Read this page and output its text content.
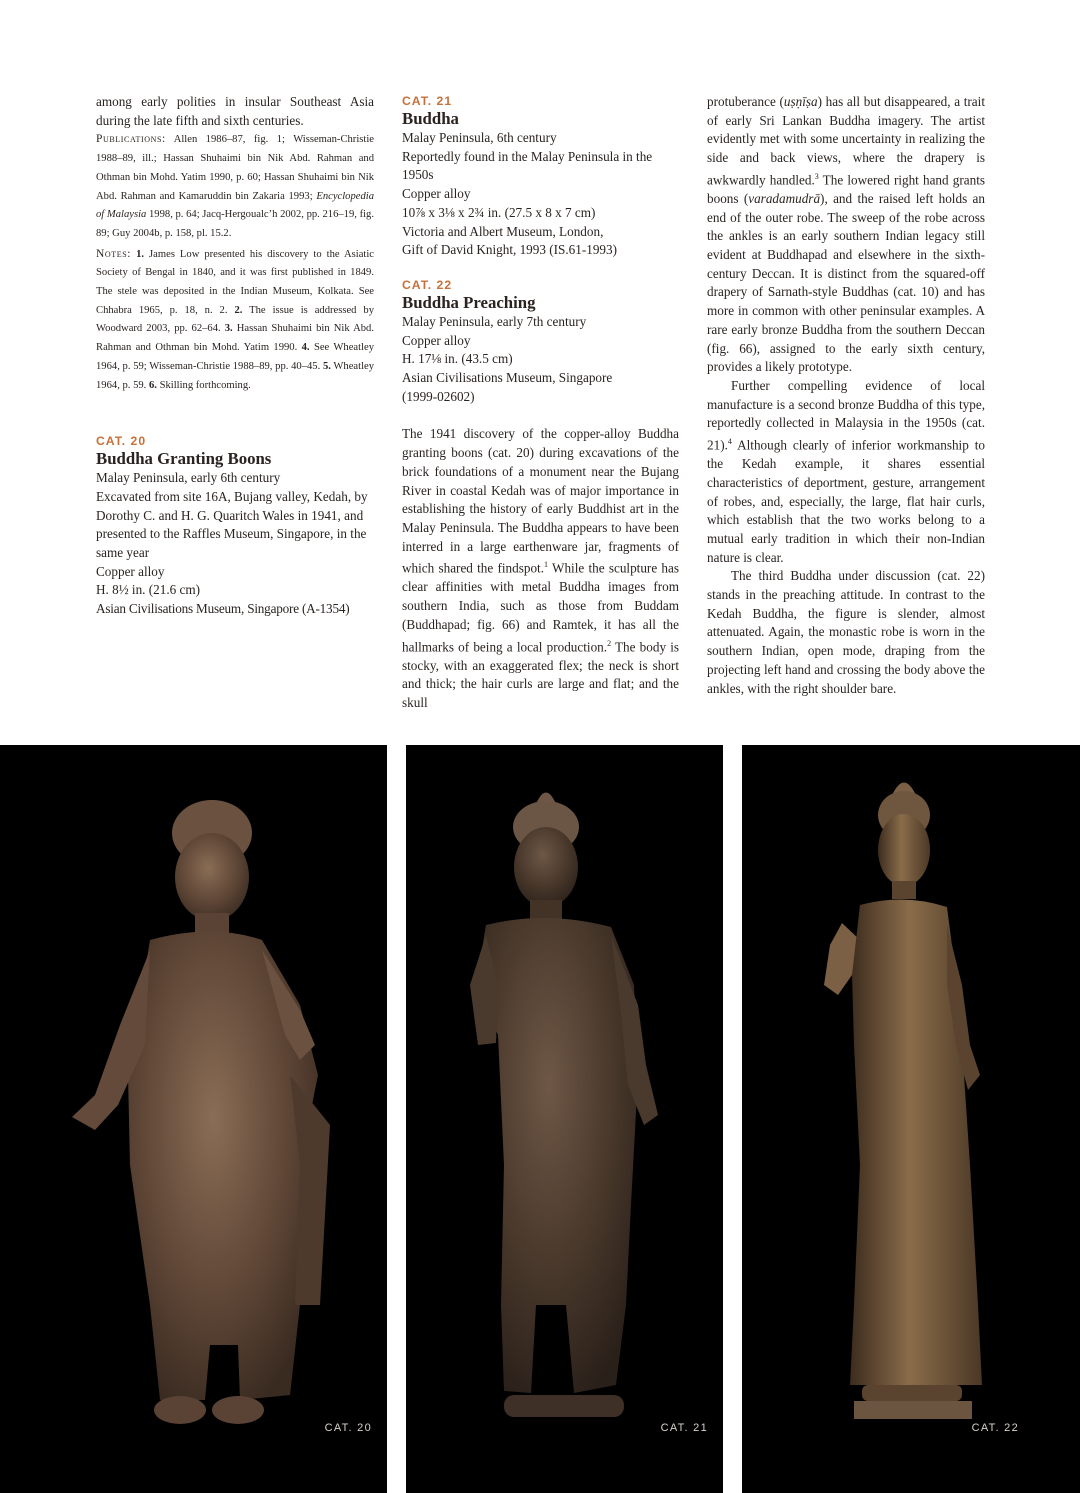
among early polities in insular Southeast Asia during the late fifth and sixth centuries.

Publications: Allen 1986–87, fig. 1; Wisseman-Christie 1988–89, ill.; Hassan Shuhaimi bin Nik Abd. Rahman and Othman bin Mohd. Yatim 1990, p. 60; Hassan Shuhaimi bin Nik Abd. Rahman and Kamaruddin bin Zakaria 1993; Encyclopedia of Malaysia 1998, p. 64; Jacq-Hergoualc’h 2002, pp. 216–19, fig. 89; Guy 2004b, p. 158, pl. 15.2.

Notes: 1. James Low presented his discovery to the Asiatic Society of Bengal in 1840, and it was first published in 1849. The stele was deposited in the Indian Museum, Kolkata. See Chhabra 1965, p. 18, n. 2. 2. The issue is addressed by Woodward 2003, pp. 62–64. 3. Hassan Shuhaimi bin Nik Abd. Rahman and Othman bin Mohd. Yatim 1990. 4. See Wheatley 1964, p. 59; Wisseman-Christie 1988–89, pp. 40–45. 5. Wheatley 1964, p. 59. 6. Skilling forthcoming.

CAT. 20

Buddha Granting Boons

Malay Peninsula, early 6th century

Excavated from site 16A, Bujang valley, Kedah, by Dorothy C. and H. G. Quaritch Wales in 1941, and presented to the Raffles Museum, Singapore, in the same year

Copper alloy

H. 8½ in. (21.6 cm)

Asian Civilisations Museum, Singapore (A-1354)

CAT. 21

Buddha

Malay Peninsula, 6th century

Reportedly found in the Malay Peninsula in the 1950s

Copper alloy

10⅞ x 3⅛ x 2¾ in. (27.5 x 8 x 7 cm)

Victoria and Albert Museum, London,

Gift of David Knight, 1993 (IS.61-1993)

CAT. 22

Buddha Preaching

Malay Peninsula, early 7th century

Copper alloy

H. 17⅛ in. (43.5 cm)

Asian Civilisations Museum, Singapore

(1999-02602)

The 1941 discovery of the copper-alloy Buddha granting boons (cat. 20) during excavations of the brick foundations of a monument near the Bujang River in coastal Kedah was of major importance in establishing the history of early Buddhist art in the Malay Peninsula. The Buddha appears to have been interred in a large earthenware jar, fragments of which shared the findspot.$^1$ While the sculpture has clear affinities with metal Buddha images from southern India, such as those from Buddam (Buddhapad; fig. 66) and Ramtek, it has all the hallmarks of being a local production.$^2$ The body is stocky, with an exaggerated flex; the neck is short and thick; the hair curls are large and flat; and the skull

protuberance (uṣṇīṣa) has all but disappeared, a trait of early Sri Lankan Buddha imagery. The artist evidently met with some uncertainty in realizing the side and back views, where the drapery is awkwardly handled.$^3$ The lowered right hand grants boons (varadamudrā), and the raised left holds an end of the outer robe. The sweep of the robe across the ankles is an early southern Indian legacy still evident at Buddhapad and elsewhere in the sixth-century Deccan. It is distinct from the squared-off drapery of Sarnath-style Buddhas (cat. 10) and has more in common with other peninsular examples. A rare early bronze Buddha from the southern Deccan (fig. 66), assigned to the early sixth century, provides a likely prototype.

Further compelling evidence of local manufacture is a second bronze Buddha of this type, reportedly collected in Malaysia in the 1950s (cat. 21).$^4$ Although clearly of inferior workmanship to the Kedah example, it shares essential characteristics of deportment, gesture, arrangement of robes, and, especially, the large, flat hair curls, which establish that the two works belong to a mutual early tradition in which their non-Indian nature is clear.

The third Buddha under discussion (cat. 22) stands in the preaching attitude. In contrast to the Kedah Buddha, the figure is slender, almost attenuated. Again, the monastic robe is worn in the southern Indian, open mode, draping from the projecting left hand and crossing the body above the ankles, with the right shoulder bare.

CAT. 20	CAT. 21	CAT. 22
